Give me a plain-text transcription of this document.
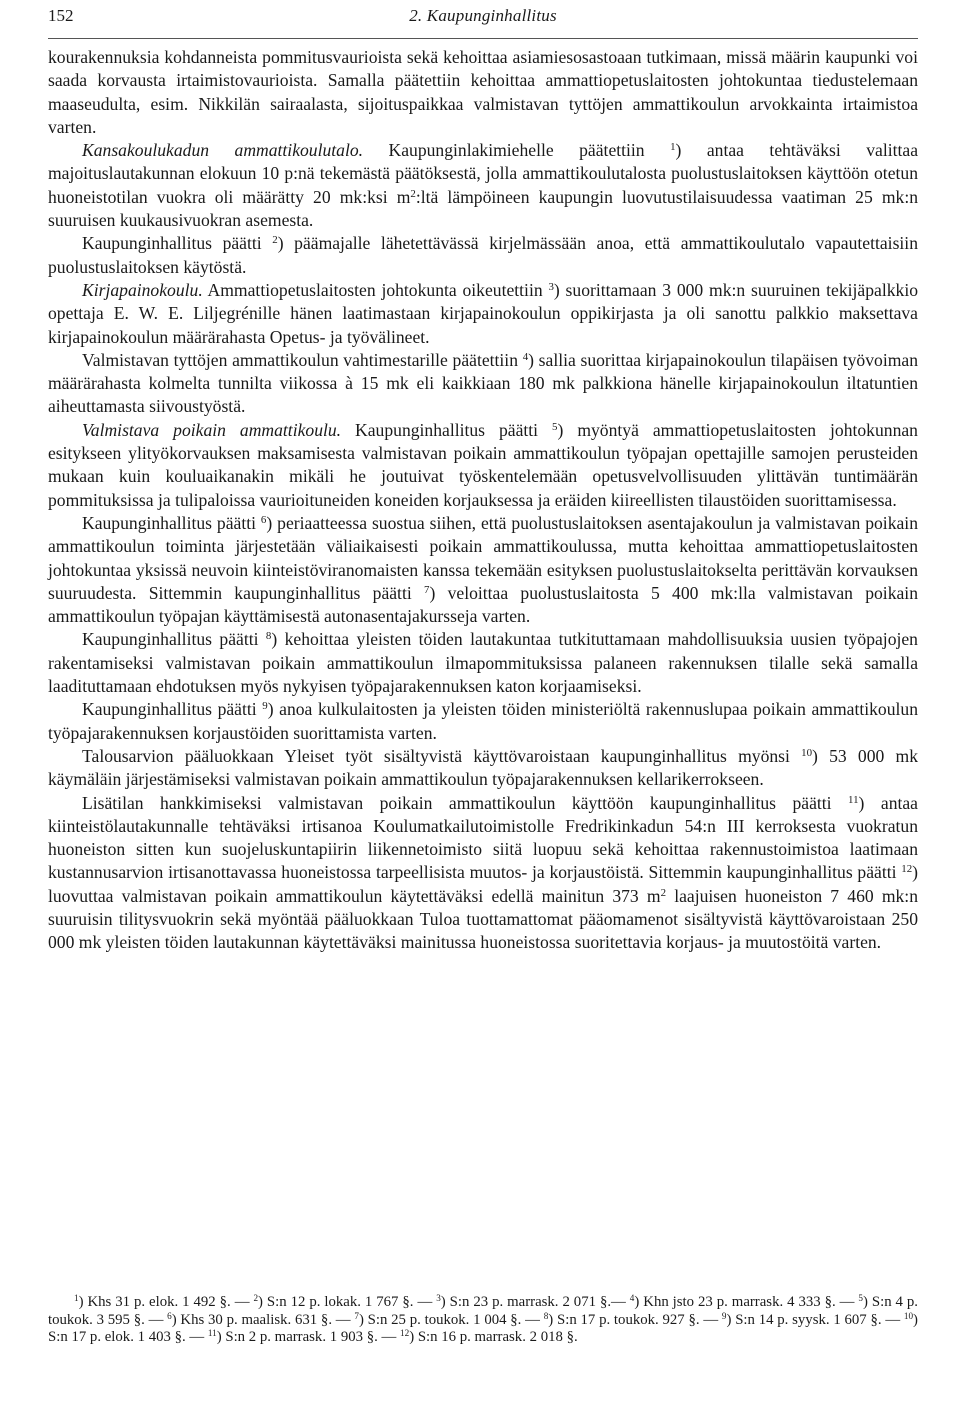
152	2. Kaupunginhallitus

kourakennuksia kohdanneista pommitusvaurioista sekä kehoittaa asiamiesosastoaan tutkimaan, missä määrin kaupunki voi saada korvausta irtaimistovaurioista. Samalla päätettiin kehoittaa ammattiopetuslaitosten johtokuntaa tiedustelemaan maaseudulta, esim. Nikkilän sairaalasta, sijoituspaikkaa valmistavan tyttöjen ammattikoulun arvokkainta irtaimistoa varten.

Kansakoulukadun ammattikoulutalo. Kaupunginlakimiehelle päätettiin $^1$) antaa tehtäväksi valittaa majoituslautakunnan elokuun 10 p:nä tekemästä päätöksestä, jolla ammattikoulutalosta puolustuslaitoksen käyttöön otetun huoneistotilan vuokra oli määrätty 20 mk:ksi $m^2:ltä$ lämpöineen kaupungin luovutustilaisuudessa vaatiman 25 mk:n suuruisen kuukausivuokran asemesta.

Kaupunginhallitus päätti $^2$) päämajalle lähetettävässä kirjelmässään anoa, että ammattikoulutalo vapautettaisiin puolustuslaitoksen käytöstä.

Kirjapainokoulu. Ammattiopetuslaitosten johtokunta oikeutettiin $^3$) suorittamaan 3 000 mk:n suuruinen tekijäpalkkio opettaja E. W. E. Liljegrénille hänen laatimastaan kirjapainokoulun oppikirjasta ja oli sanottu palkkio maksettava kirjapainokoulun määrärahasta Opetus- ja työvälineet.

Valmistavan tyttöjen ammattikoulun vahtimestarille päätettiin $^4$) sallia suorittaa kirjapainokoulun tilapäisen työvoiman määrärahasta kolmelta tunnilta viikossa à 15 mk eli kaikkiaan 180 mk palkkiona hänelle kirjapainokoulun iltatuntien aiheuttamasta siivoustyöstä.

Valmistava poikain ammattikoulu. Kaupunginhallitus päätti $^5$) myöntyä ammattiopetuslaitosten johtokunnan esitykseen ylityökorvauksen maksamisesta valmistavan poikain ammattikoulun työpajan opettajille samojen perusteiden mukaan kuin kouluaikanakin mikäli he joutuivat työskentelemään opetusvelvollisuuden ylittävän tuntimäärän pommituksissa ja tulipaloissa vaurioituneiden koneiden korjauksessa ja eräiden kiireellisten tilaustöiden suorittamisessa.

Kaupunginhallitus päätti $^6$) periaatteessa suostua siihen, että puolustuslaitoksen asentajakoulun ja valmistavan poikain ammattikoulun toiminta järjestetään väliaikaisesti poikain ammattikoulussa, mutta kehoittaa ammattiopetuslaitosten johtokuntaa yksissä neuvoin kiinteistöviranomaisten kanssa tekemään esityksen puolustuslaitokselta perittävän korvauksen suuruudesta. Sittemmin kaupunginhallitus päätti $^7$) veloittaa puolustuslaitosta 5 400 mk:lla valmistavan poikain ammattikoulun työpajan käyttämisestä autonasentajakursseja varten.

Kaupunginhallitus päätti $^8$) kehoittaa yleisten töiden lautakuntaa tutkituttamaan mahdollisuuksia uusien työpajojen rakentamiseksi valmistavan poikain ammattikoulun ilmapommituksissa palaneen rakennuksen tilalle sekä samalla laadituttamaan ehdotuksen myös nykyisen työpajarakennuksen katon korjaamiseksi.

Kaupunginhallitus päätti $^9$) anoa kulkulaitosten ja yleisten töiden ministeriöltä rakennuslupaa poikain ammattikoulun työpajarakennuksen korjaustöiden suorittamista varten.

Talousarvion pääluokkaan Yleiset työt sisältyvistä käyttövaroistaan kaupunginhallitus myönsi $^{10}$) 53 000 mk käymäläin järjestämiseksi valmistavan poikain ammattikoulun työpajarakennuksen kellarikerrokseen.

Lisätilan hankkimiseksi valmistavan poikain ammattikoulun käyttöön kaupunginhallitus päätti $^{11}$) antaa kiinteistölautakunnalle tehtäväksi irtisanoa Koulumatkailutoimistolle Fredrikinkadun 54:n III kerroksesta vuokratun huoneiston sitten kun suojeluskuntapiirin liikennetoimisto siitä luopuu sekä kehoittaa rakennustoimistoa laatimaan kustannusarvion irtisanottavassa huoneistossa tarpeellisista muutos- ja korjaustöistä. Sittemmin kaupunginhallitus päätti $^{12}$) luovuttaa valmistavan poikain ammattikoulun käytettäväksi edellä mainitun 373 $m^2$ laajuisen huoneiston 7 460 mk:n suuruisin tilitysvuokrin sekä myöntää pääluokkaan Tuloa tuottamattomat pääomamenot sisältyvistä käyttövaroistaan 250 000 mk yleisten töiden lautakunnan käytettäväksi mainitussa huoneistossa suoritettavia korjaus- ja muutostöitä varten.

$^1$) Khs 31 p. elok. 1 492 §. — $^2$) S:n 12 p. lokak. 1 767 §. — $^3$) S:n 23 p. marrask. 2 071 §.— $^4$) Khn jsto 23 p. marrask. 4 333 §. — $^5$) S:n 4 p. toukok. 3 595 §. — $^6$) Khs 30 p. maalisk. 631 §. — $^7$) S:n 25 p. toukok. 1 004 §. — $^8$) S:n 17 p. toukok. 927 §. — $^9$) S:n 14 p. syysk. 1 607 §. — $^{10}$) S:n 17 p. elok. 1 403 §. — $^{11}$) S:n 2 p. marrask. 1 903 §. — $^{12}$) S:n 16 p. marrask. 2 018 §.
